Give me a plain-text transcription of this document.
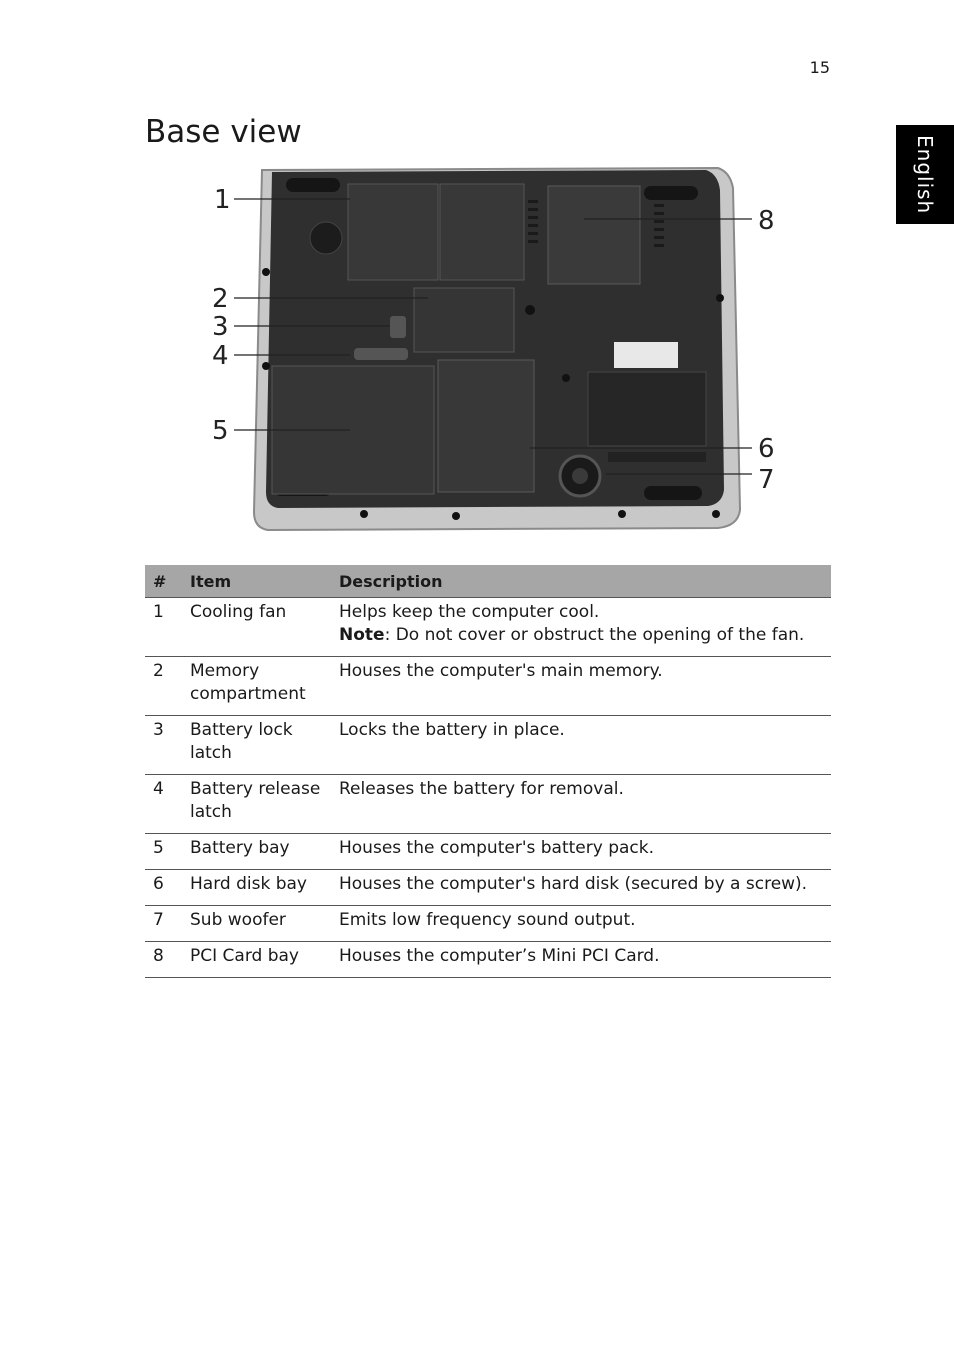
15
English
Base view
1
2
3
4
5
6
7
8
#	Item	Description
1	Cooling fan	Helps keep the computer cool.
Note: Do not cover or obstruct the opening of the fan.

2	Memory compartment	Houses the computer's main memory.
3	Battery lock latch	Locks the battery in place.
4	Battery release latch	Releases the battery for removal.
5	Battery bay	Houses the computer's battery pack.
6	Hard disk bay	Houses the computer's hard disk (secured by a screw).
7	Sub woofer	Emits low frequency sound output.
8	PCI Card bay	Houses the computer’s Mini PCI Card.
